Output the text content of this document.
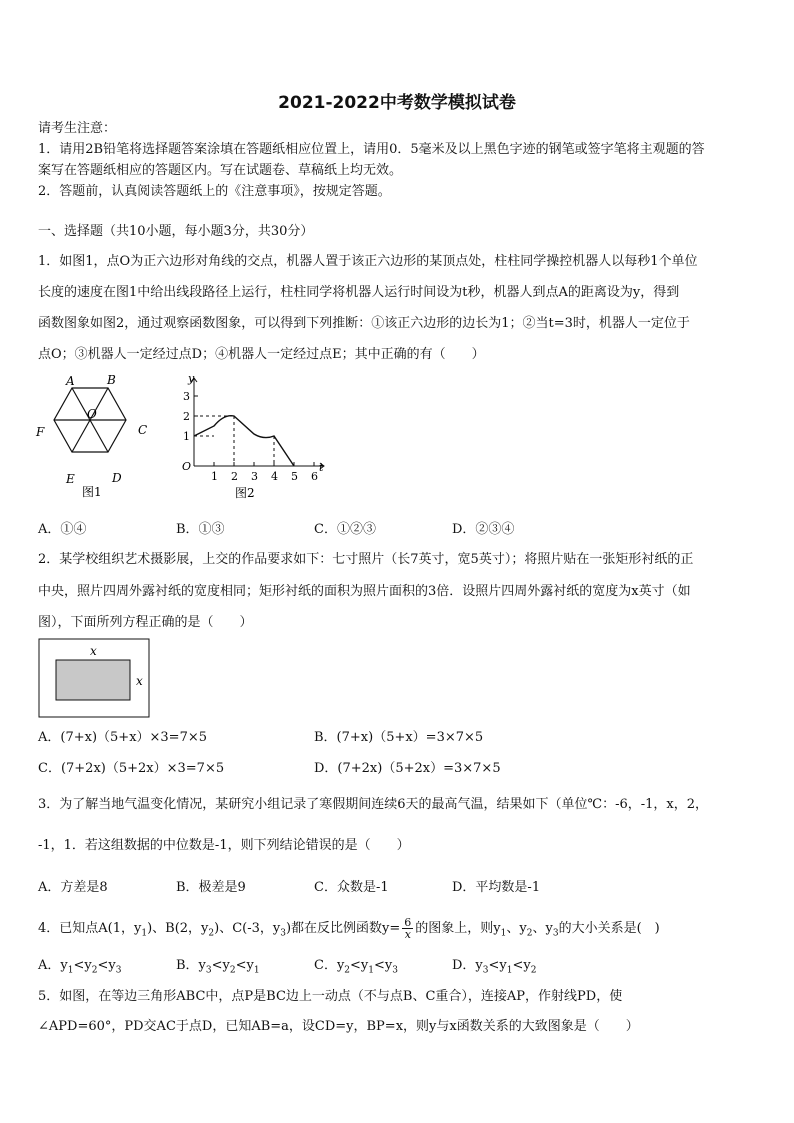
2021-2022中考数学模拟试卷
请考生注意：
1．请用2B铅笔将选择题答案涂填在答题纸相应位置上，请用0．5毫米及以上黑色字迹的钢笔或签字笔将主观题的答
案写在答题纸相应的答题区内。写在试题卷、草稿纸上均无效。
2．答题前，认真阅读答题纸上的《注意事项》，按规定答题。
一、选择题（共10小题，每小题3分，共30分）
1．如图1，点O为正六边形对角线的交点，机器人置于该正六边形的某顶点处，柱柱同学操控机器人以每秒1个单位
长度的速度在图1中给出线段路径上运行，柱柱同学将机器人运行时间设为t秒，机器人到点A的距离设为y，得到
函数图象如图2，通过观察函数图象，可以得到下列推断：①该正六边形的边长为1；②当t=3时，机器人一定位于
点O；③机器人一定经过点D；④机器人一定经过点E；其中正确的有（　　）
A	B
C
D
E
F
O
图1
y
t
O
1
2
3
1 2 3 4 5 6
图2
A．①④	B．①③	C．①②③	D．②③④
2．某学校组织艺术摄影展，上交的作品要求如下：七寸照片（长7英寸，宽5英寸）；将照片贴在一张矩形衬纸的正
中央，照片四周外露衬纸的宽度相同；矩形衬纸的面积为照片面积的3倍．设照片四周外露衬纸的宽度为x英寸（如
图），下面所列方程正确的是（　　）
x
x
A．(7+x)（5+x）×3=7×5	B．(7+x)（5+x）=3×7×5
C．(7+2x)（5+2x）×3=7×5	D．(7+2x)（5+2x）=3×7×5
3．为了解当地气温变化情况，某研究小组记录了寒假期间连续6天的最高气温，结果如下（单位℃：-6，-1，x，2，
-1，1．若这组数据的中位数是-1，则下列结论错误的是（　　）
A．方差是8	B．极差是9	C．众数是-1	D．平均数是-1
4．已知点A(1，$y_1$)、B(2，$y_2$)、C(-3，$y_3$)都在反比例函数$y= \frac{6}{x}$ 的图象上，则$y_1$、$y_2$、$y_3$的大小关系是(　)
A．$y_1<y_2<y_3$	B．$y_3<y_2<y_1$	C．$y_2<y_1<y_3$	D．$y_3<y_1<y_2$
5．如图，在等边三角形ABC中，点P是BC边上一动点（不与点B、C重合），连接AP，作射线PD，使
∠APD=60°，PD交AC于点D，已知AB=a，设CD=y，BP=x，则y与x函数关系的大致图象是（　　）
